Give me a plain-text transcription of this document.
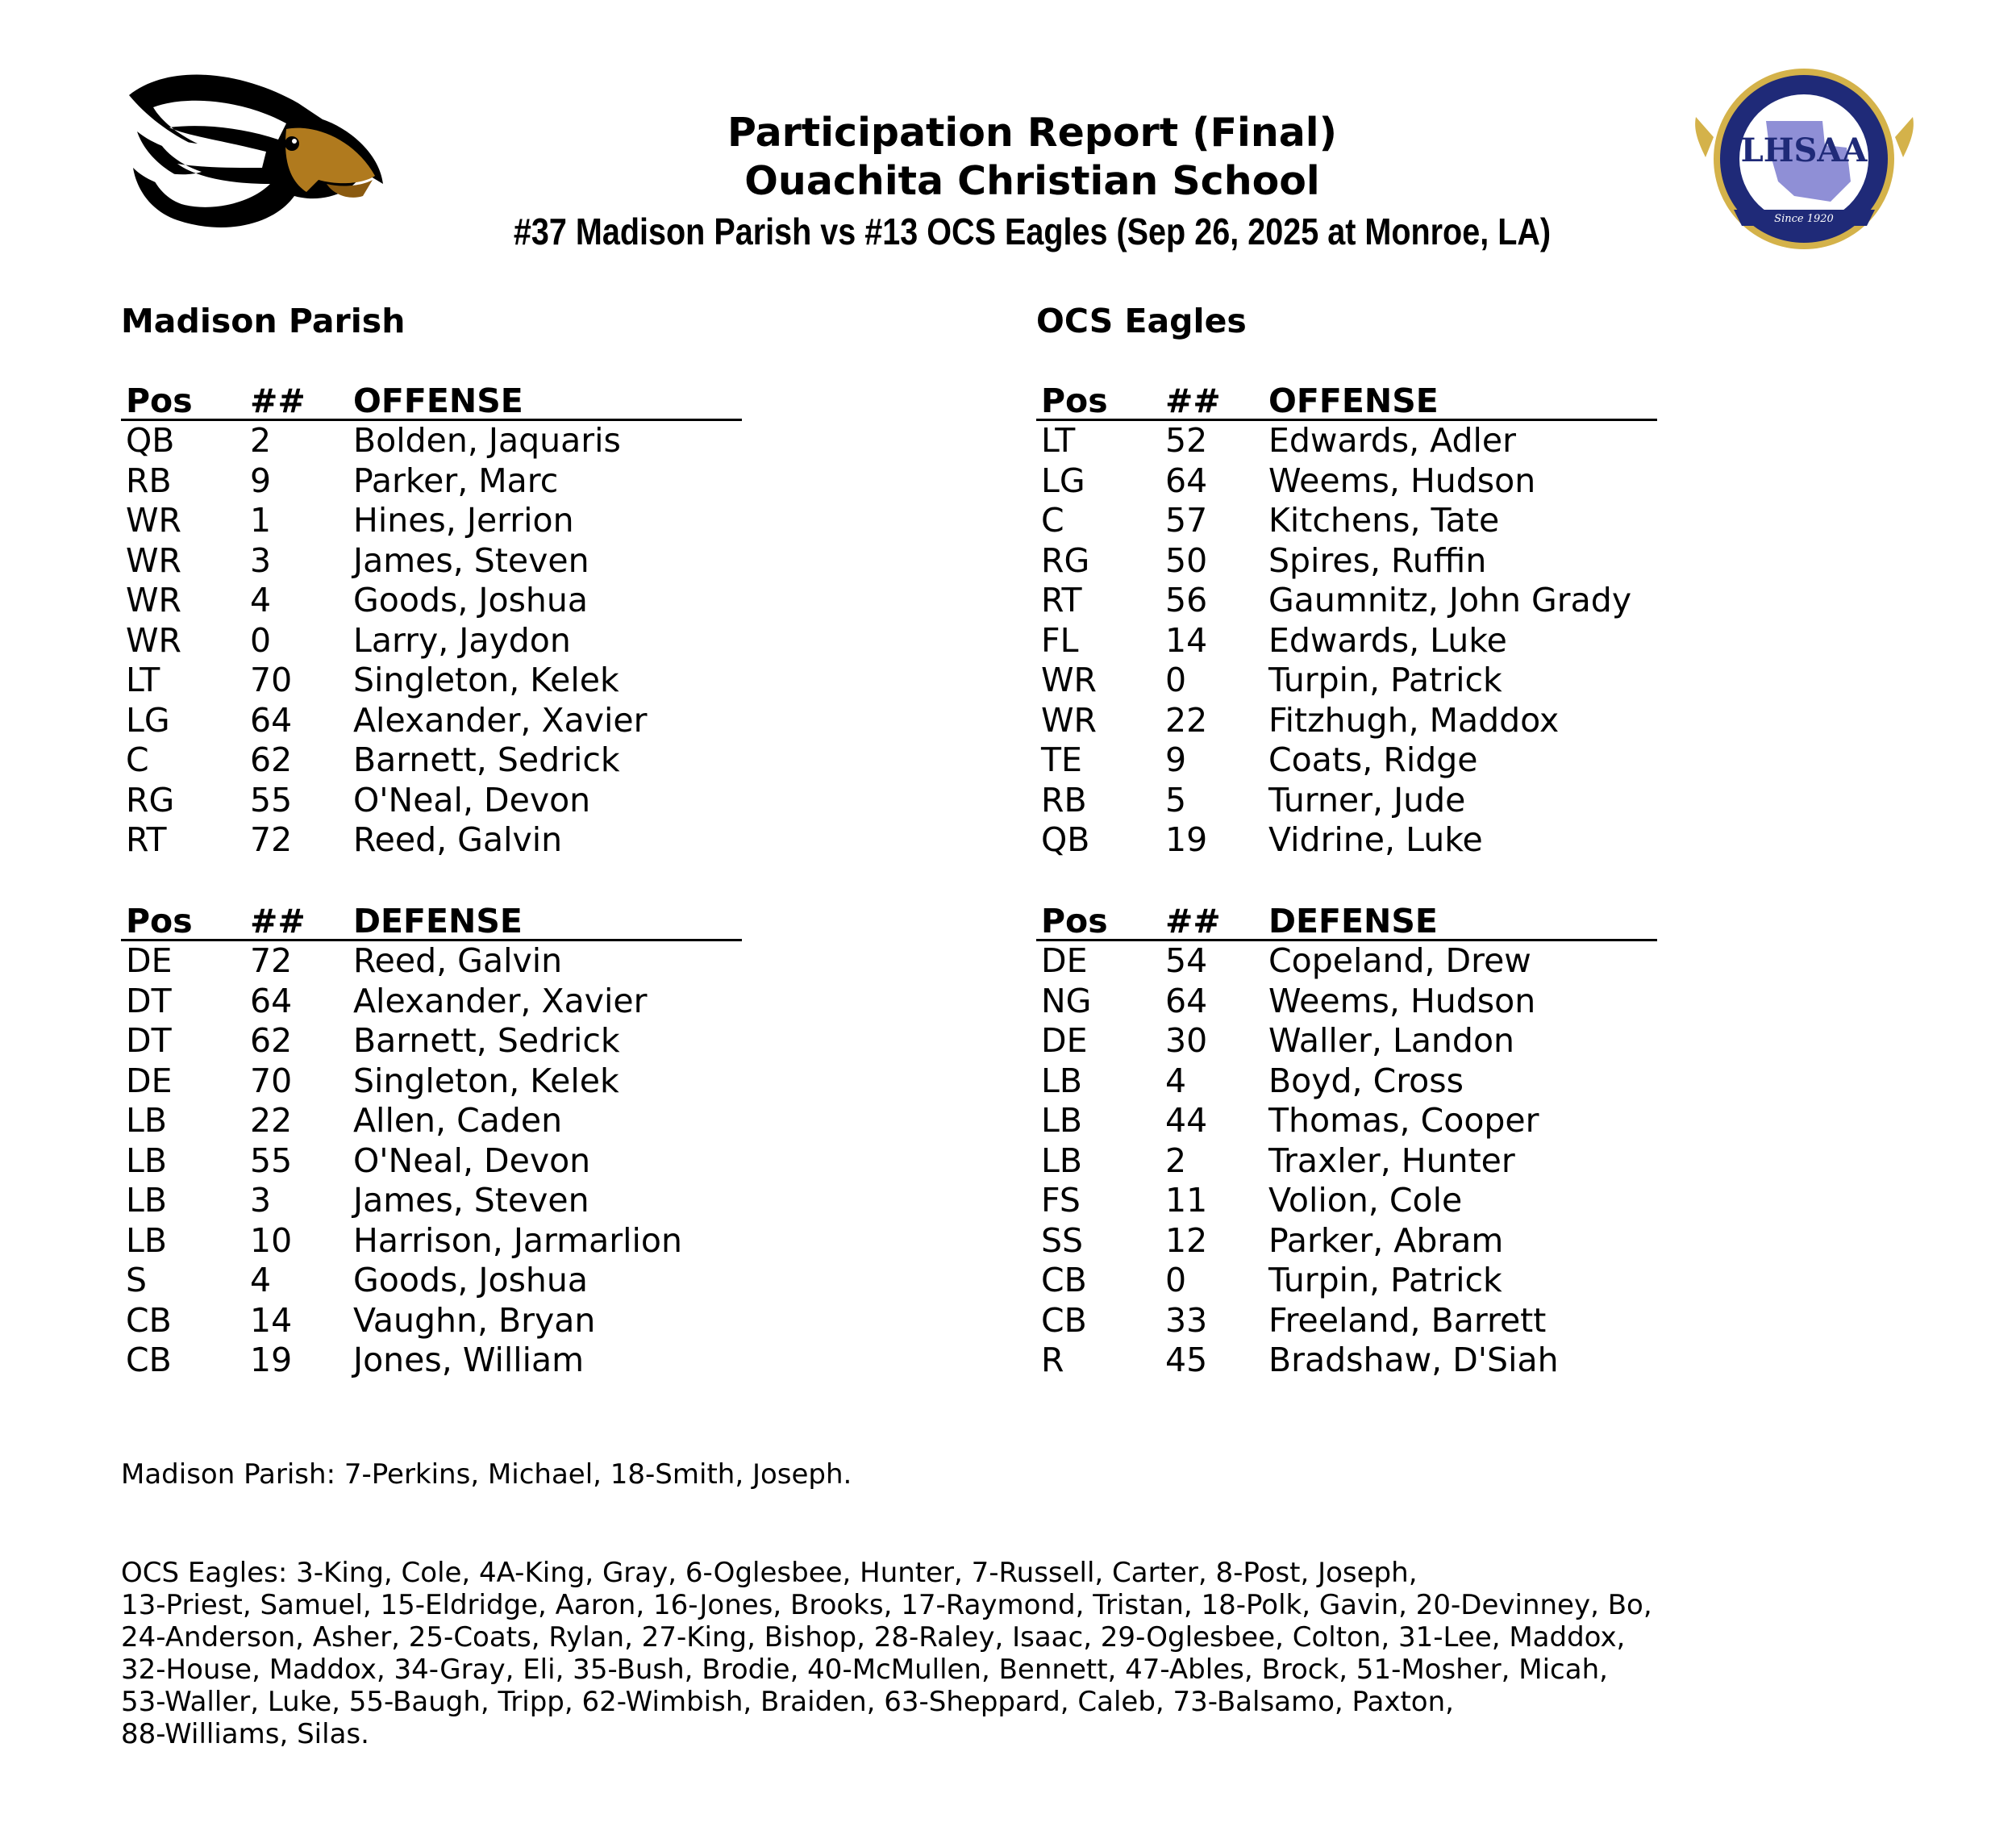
LHSAA
Since 1920

Participation Report (Final)

Ouachita Christian School

#37 Madison Parish vs #13 OCS Eagles (Sep 26, 2025 at Monroe, LA)

Madison Parish	OCS Eagles
Pos	##	OFFENSE
QB	2	Bolden, Jaquaris
RB	9	Parker, Marc
WR	1	Hines, Jerrion
WR	3	James, Steven
WR	4	Goods, Joshua
WR	0	Larry, Jaydon
LT	70	Singleton, Kelek
LG	64	Alexander, Xavier
C	62	Barnett, Sedrick
RG	55	O'Neal, Devon
RT	72	Reed, Galvin
Pos	##	DEFENSE
DE	72	Reed, Galvin
DT	64	Alexander, Xavier
DT	62	Barnett, Sedrick
DE	70	Singleton, Kelek
LB	22	Allen, Caden
LB	55	O'Neal, Devon
LB	3	James, Steven
LB	10	Harrison, Jarmarlion
S	4	Goods, Joshua
CB	14	Vaughn, Bryan
CB	19	Jones, William
Pos	##	OFFENSE
LT	52	Edwards, Adler
LG	64	Weems, Hudson
C	57	Kitchens, Tate
RG	50	Spires, Ruffin
RT	56	Gaumnitz, John Grady
FL	14	Edwards, Luke
WR	0	Turpin, Patrick
WR	22	Fitzhugh, Maddox
TE	9	Coats, Ridge
RB	5	Turner, Jude
QB	19	Vidrine, Luke
Pos	##	DEFENSE
DE	54	Copeland, Drew
NG	64	Weems, Hudson
DE	30	Waller, Landon
LB	4	Boyd, Cross
LB	44	Thomas, Cooper
LB	2	Traxler, Hunter
FS	11	Volion, Cole
SS	12	Parker, Abram
CB	0	Turpin, Patrick
CB	33	Freeland, Barrett
R	45	Bradshaw, D'Siah
Madison Parish: 7-Perkins, Michael, 18-Smith, Joseph.
OCS Eagles: 3-King, Cole, 4A-King, Gray, 6-Oglesbee, Hunter, 7-Russell, Carter, 8-Post, Joseph,
13-Priest, Samuel, 15-Eldridge, Aaron, 16-Jones, Brooks, 17-Raymond, Tristan, 18-Polk, Gavin, 20-Devinney, Bo,
24-Anderson, Asher, 25-Coats, Rylan, 27-King, Bishop, 28-Raley, Isaac, 29-Oglesbee, Colton, 31-Lee, Maddox,
32-House, Maddox, 34-Gray, Eli, 35-Bush, Brodie, 40-McMullen, Bennett, 47-Ables, Brock, 51-Mosher, Micah,
53-Waller, Luke, 55-Baugh, Tripp, 62-Wimbish, Braiden, 63-Sheppard, Caleb, 73-Balsamo, Paxton,
88-Williams, Silas.
